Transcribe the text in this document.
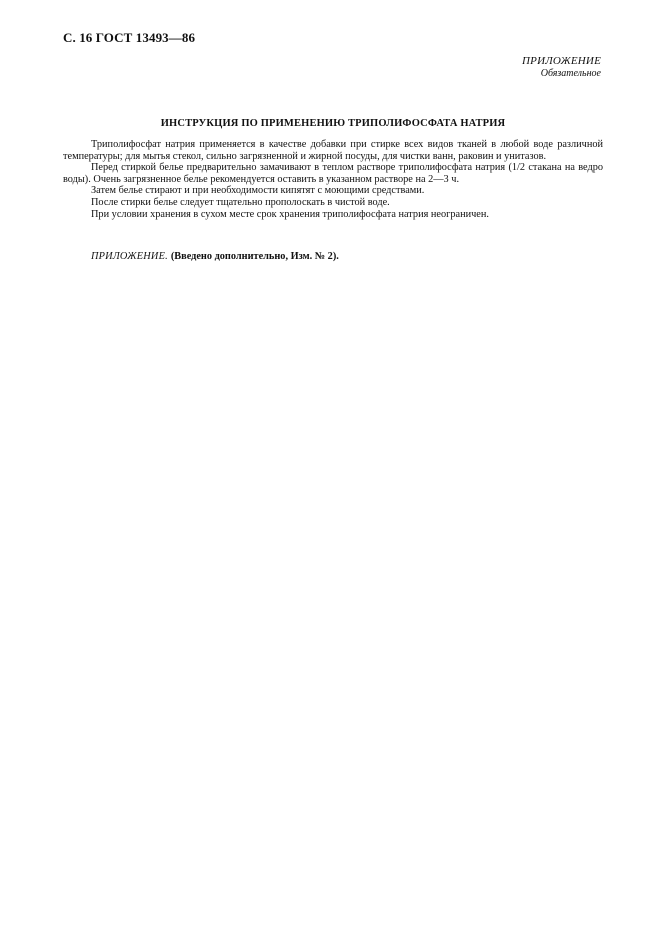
С. 16 ГОСТ 13493—86
ПРИЛОЖЕНИЕ
Обязательное
ИНСТРУКЦИЯ ПО ПРИМЕНЕНИЮ ТРИПОЛИФОСФАТА НАТРИЯ

Триполифосфат натрия применяется в качестве добавки при стирке всех видов тканей в любой воде различной температуры; для мытья стекол, сильно загрязненной и жирной посуды, для чистки ванн, раковин и унитазов.

Перед стиркой белье предварительно замачивают в теплом растворе триполифосфата натрия (1/2 стакана на ведро воды). Очень загрязненное белье рекомендуется оставить в указанном растворе на 2—3 ч.

Затем белье стирают и при необходимости кипятят с моющими средствами.

После стирки белье следует тщательно прополоскать в чистой воде.

При условии хранения в сухом месте срок хранения триполифосфата натрия неограничен.

ПРИЛОЖЕНИЕ. (Введено дополнительно, Изм. № 2).
